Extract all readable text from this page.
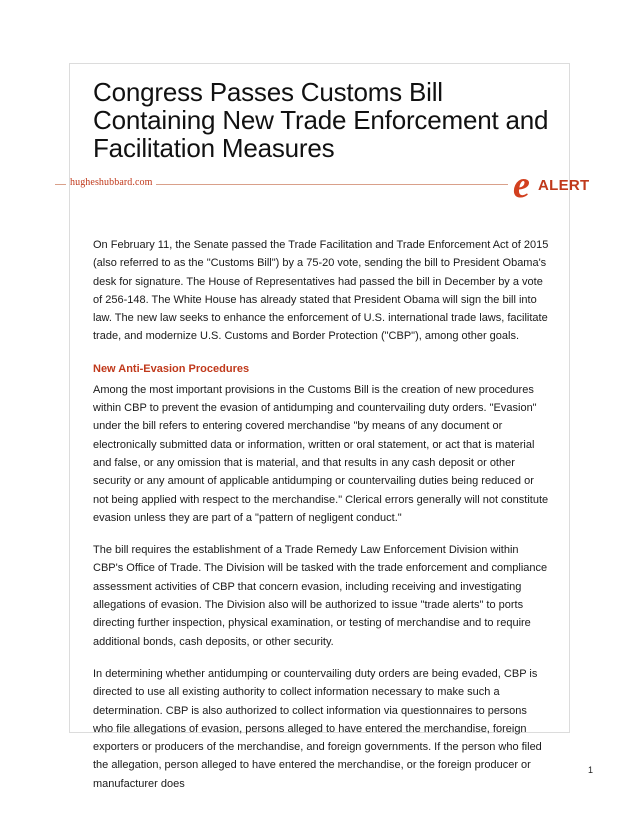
Congress Passes Customs Bill Containing New Trade Enforcement and Facilitation Measures
hugheshubbard.com	e ALERT

On February 11, the Senate passed the Trade Facilitation and Trade Enforcement Act of 2015 (also referred to as the "Customs Bill") by a 75-20 vote, sending the bill to President Obama's desk for signature. The House of Representatives had passed the bill in December by a vote of 256-148. The White House has already stated that President Obama will sign the bill into law. The new law seeks to enhance the enforcement of U.S. international trade laws, facilitate trade, and modernize U.S. Customs and Border Protection ("CBP"), among other goals.

New Anti-Evasion Procedures

Among the most important provisions in the Customs Bill is the creation of new procedures within CBP to prevent the evasion of antidumping and countervailing duty orders. "Evasion" under the bill refers to entering covered merchandise "by means of any document or electronically submitted data or information, written or oral statement, or act that is material and false, or any omission that is material, and that results in any cash deposit or other security or any amount of applicable antidumping or countervailing duties being reduced or not being applied with respect to the merchandise." Clerical errors generally will not constitute evasion unless they are part of a "pattern of negligent conduct."

The bill requires the establishment of a Trade Remedy Law Enforcement Division within CBP's Office of Trade. The Division will be tasked with the trade enforcement and compliance assessment activities of CBP that concern evasion, including receiving and investigating allegations of evasion. The Division also will be authorized to issue "trade alerts" to ports directing further inspection, physical examination, or testing of merchandise and to require additional bonds, cash deposits, or other security.

In determining whether antidumping or countervailing duty orders are being evaded, CBP is directed to use all existing authority to collect information necessary to make such a determination. CBP is also authorized to collect information via questionnaires to persons who file allegations of evasion, persons alleged to have entered the merchandise, foreign exporters or producers of the merchandise, and foreign governments. If the person who filed the allegation, person alleged to have entered the merchandise, or the foreign producer or manufacturer does

1
